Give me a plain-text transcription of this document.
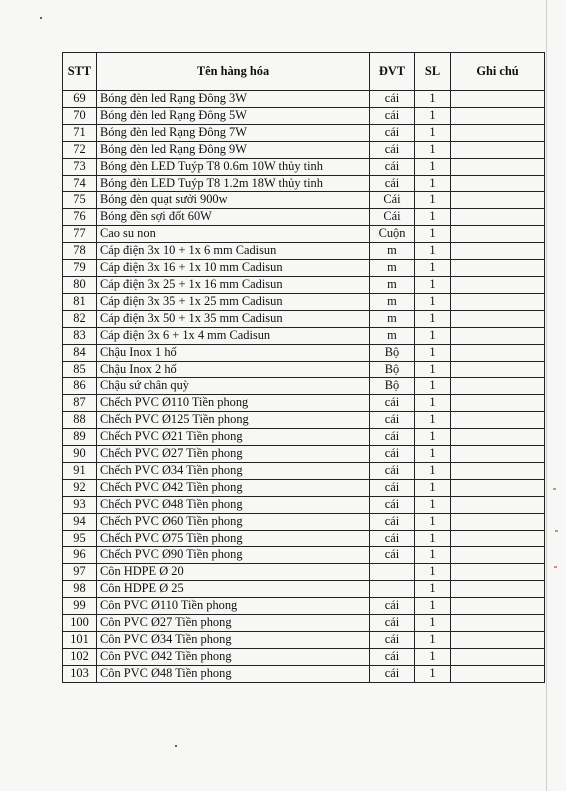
STT	Tên hàng hóa	ĐVT	SL	Ghi chú
69	Bóng đèn led Rạng Đông 3W	cái	1	
70	Bóng đèn led Rạng Đông 5W	cái	1	
71	Bóng đèn led Rạng Đông 7W	cái	1	
72	Bóng đèn led Rạng Đông 9W	cái	1	
73	Bóng đèn LED Tuýp T8 0.6m 10W thủy tinh	cái	1	
74	Bóng đèn LED Tuýp T8 1.2m 18W thủy tinh	cái	1	
75	Bóng đèn quạt sưởi 900w	Cái	1	
76	Bóng đền sợi đốt 60W	Cái	1	
77	Cao su non	Cuộn	1	
78	Cáp điện 3x 10 + 1x 6 mm Cadisun	m	1	
79	Cáp điện 3x 16 + 1x 10 mm Cadisun	m	1	
80	Cáp điện 3x 25 + 1x 16 mm Cadisun	m	1	
81	Cáp điện 3x 35 + 1x 25 mm Cadisun	m	1	
82	Cáp điện 3x 50 + 1x 35 mm Cadisun	m	1	
83	Cáp điện 3x 6 + 1x 4 mm Cadisun	m	1	
84	Chậu Inox 1 hố	Bộ	1	
85	Chậu Inox 2 hố	Bộ	1	
86	Chậu sứ chân quỳ	Bộ	1	
87	Chếch PVC Ø110 Tiền phong	cái	1	
88	Chếch PVC Ø125 Tiền phong	cái	1	
89	Chếch PVC Ø21 Tiền phong	cái	1	
90	Chếch PVC Ø27 Tiền phong	cái	1	
91	Chếch PVC Ø34 Tiền phong	cái	1	
92	Chếch PVC Ø42 Tiền phong	cái	1	
93	Chếch PVC Ø48 Tiền phong	cái	1	
94	Chếch PVC Ø60 Tiền phong	cái	1	
95	Chếch PVC Ø75 Tiền phong	cái	1	
96	Chếch PVC Ø90 Tiền phong	cái	1	
97	Côn HDPE Ø 20		1	
98	Côn HDPE Ø 25		1	
99	Côn PVC Ø110 Tiền phong	cái	1	
100	Côn PVC Ø27 Tiền phong	cái	1	
101	Côn PVC Ø34 Tiền phong	cái	1	
102	Côn PVC Ø42 Tiền phong	cái	1	
103	Côn PVC Ø48 Tiền phong	cái	1	
